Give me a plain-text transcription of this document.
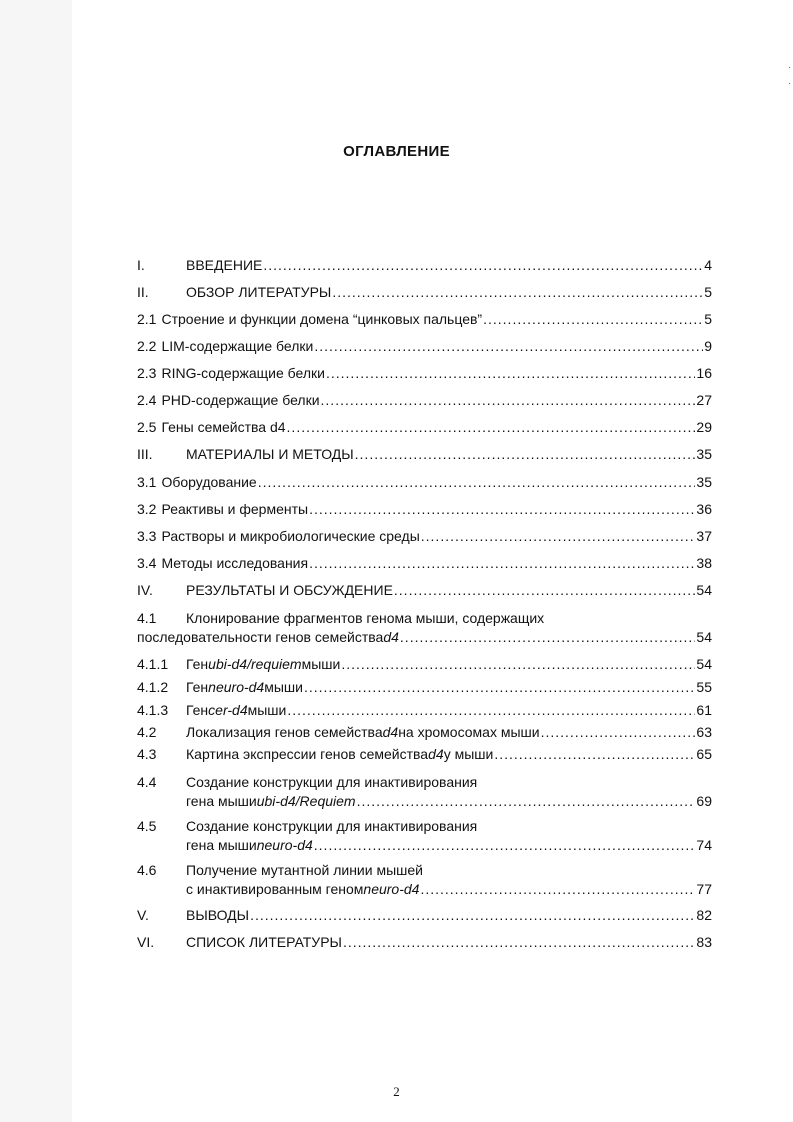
·
·
ОГЛАВЛЕНИЕ
I.	ВВЕДЕНИЕ .....	4
II.	ОБЗОР ЛИТЕРАТУРЫ .....	5
2.1 Строение и функции домена “цинковых пальцев” .....	5
2.2 LIM-содержащие белки .....	9
2.3 RING-содержащие белки .....	16
2.4 PHD-содержащие белки .....	27
2.5 Гены семейства d4 .....	29
III.	МАТЕРИАЛЫ И МЕТОДЫ .....	35
3.1 Оборудование .....	35
3.2 Реактивы и ферменты .....	36
3.3 Растворы и микробиологические среды .....	37
3.4 Методы исследования .....	38
IV.	РЕЗУЛЬТАТЫ И ОБСУЖДЕНИЕ .....	54
4.1 Клонирование фрагментов генома мыши, содержащих
последовательности генов семейства d4 .....	54
4.1.1	Ген ubi-d4/requiem мыши .....	54
4.1.2	Ген neuro-d4 мыши .....	55
4.1.3	Ген cer-d4 мыши .....	61
4.2	Локализация генов семейства d4 на хромосомах мыши .....	63
4.3	Картина экспрессии генов семейства d4 у мыши .....	65
4.4 Создание конструкции для инактивирования
гена мыши ubi-d4/Requiem .....	69
4.5 Создание конструкции для инактивирования
гена мыши neuro-d4 .....	74
4.6 Получение мутантной линии мышей
с инактивированным геном neuro-d4 .....	77
V.	ВЫВОДЫ .....	82
VI.	СПИСОК ЛИТЕРАТУРЫ .....	83
2
